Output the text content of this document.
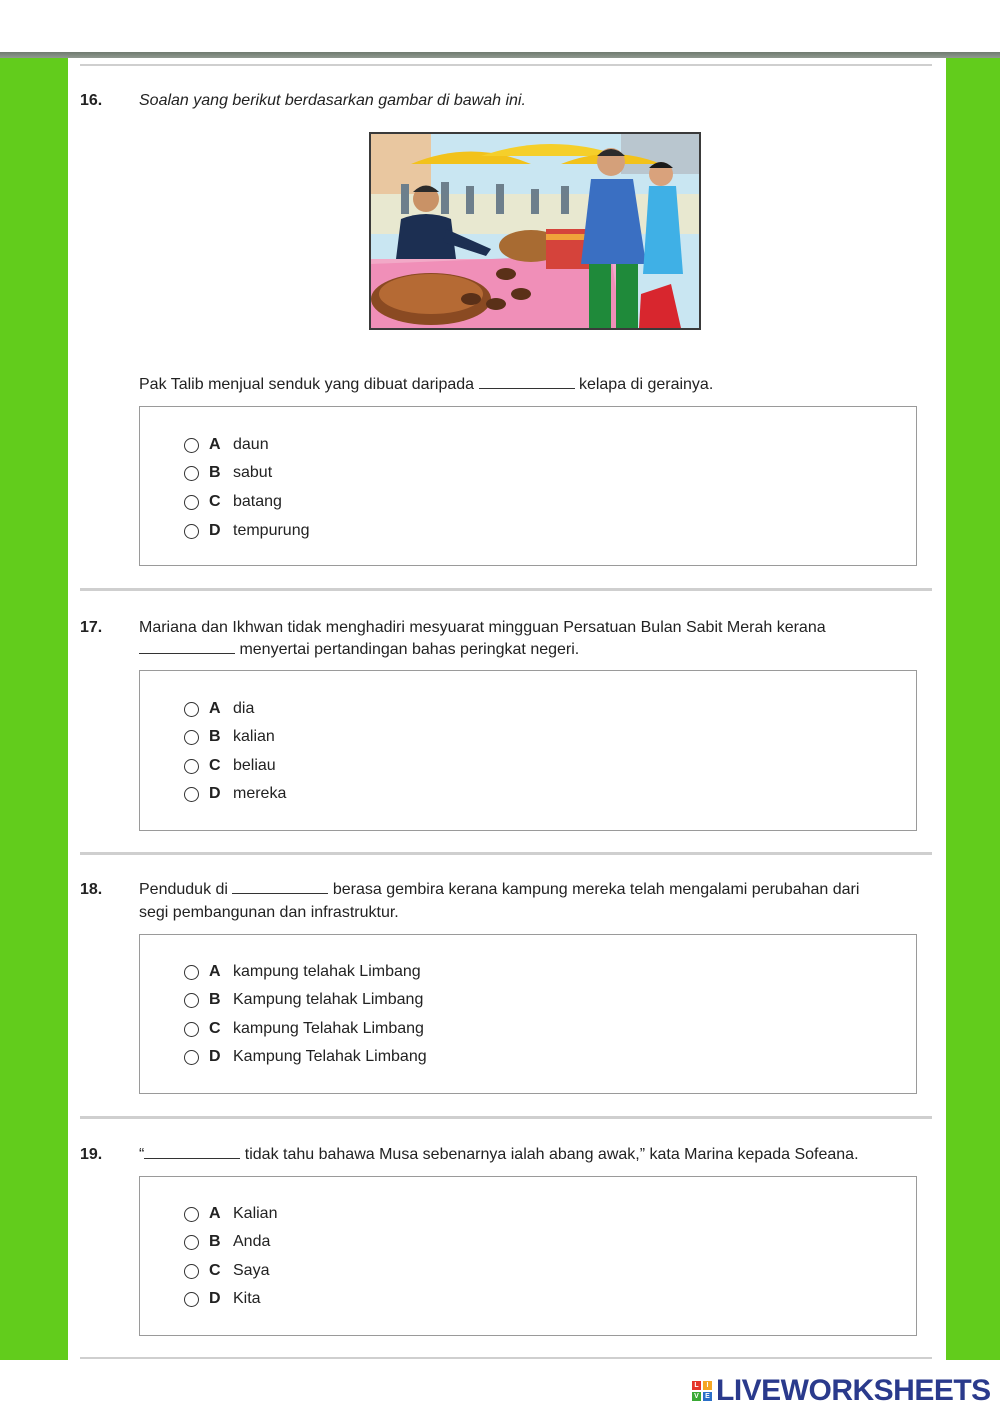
16. Soalan yang berikut berdasarkan gambar di bawah ini.
Pak Talib menjual senduk yang dibuat daripada	kelapa di gerainya.
A daun
B sabut
C batang
D tempurung
17. Mariana dan Ikhwan tidak menghadiri mesyuarat mingguan Persatuan Bulan Sabit Merah kerana
menyertai pertandingan bahas peringkat negeri.
A dia
B kalian
C beliau
D mereka
18. Penduduk di	berasa gembira kerana kampung mereka telah mengalami perubahan dari
segi pembangunan dan infrastruktur.
A kampung telahak Limbang
B Kampung telahak Limbang
C kampung Telahak Limbang
D Kampung Telahak Limbang
19. “	tidak tahu bahawa Musa sebenarnya ialah abang awak,” kata Marina kepada Sofeana.
A Kalian
B Anda
C Saya
D Kita
L	I
V E LIVEWORKSHEETS
